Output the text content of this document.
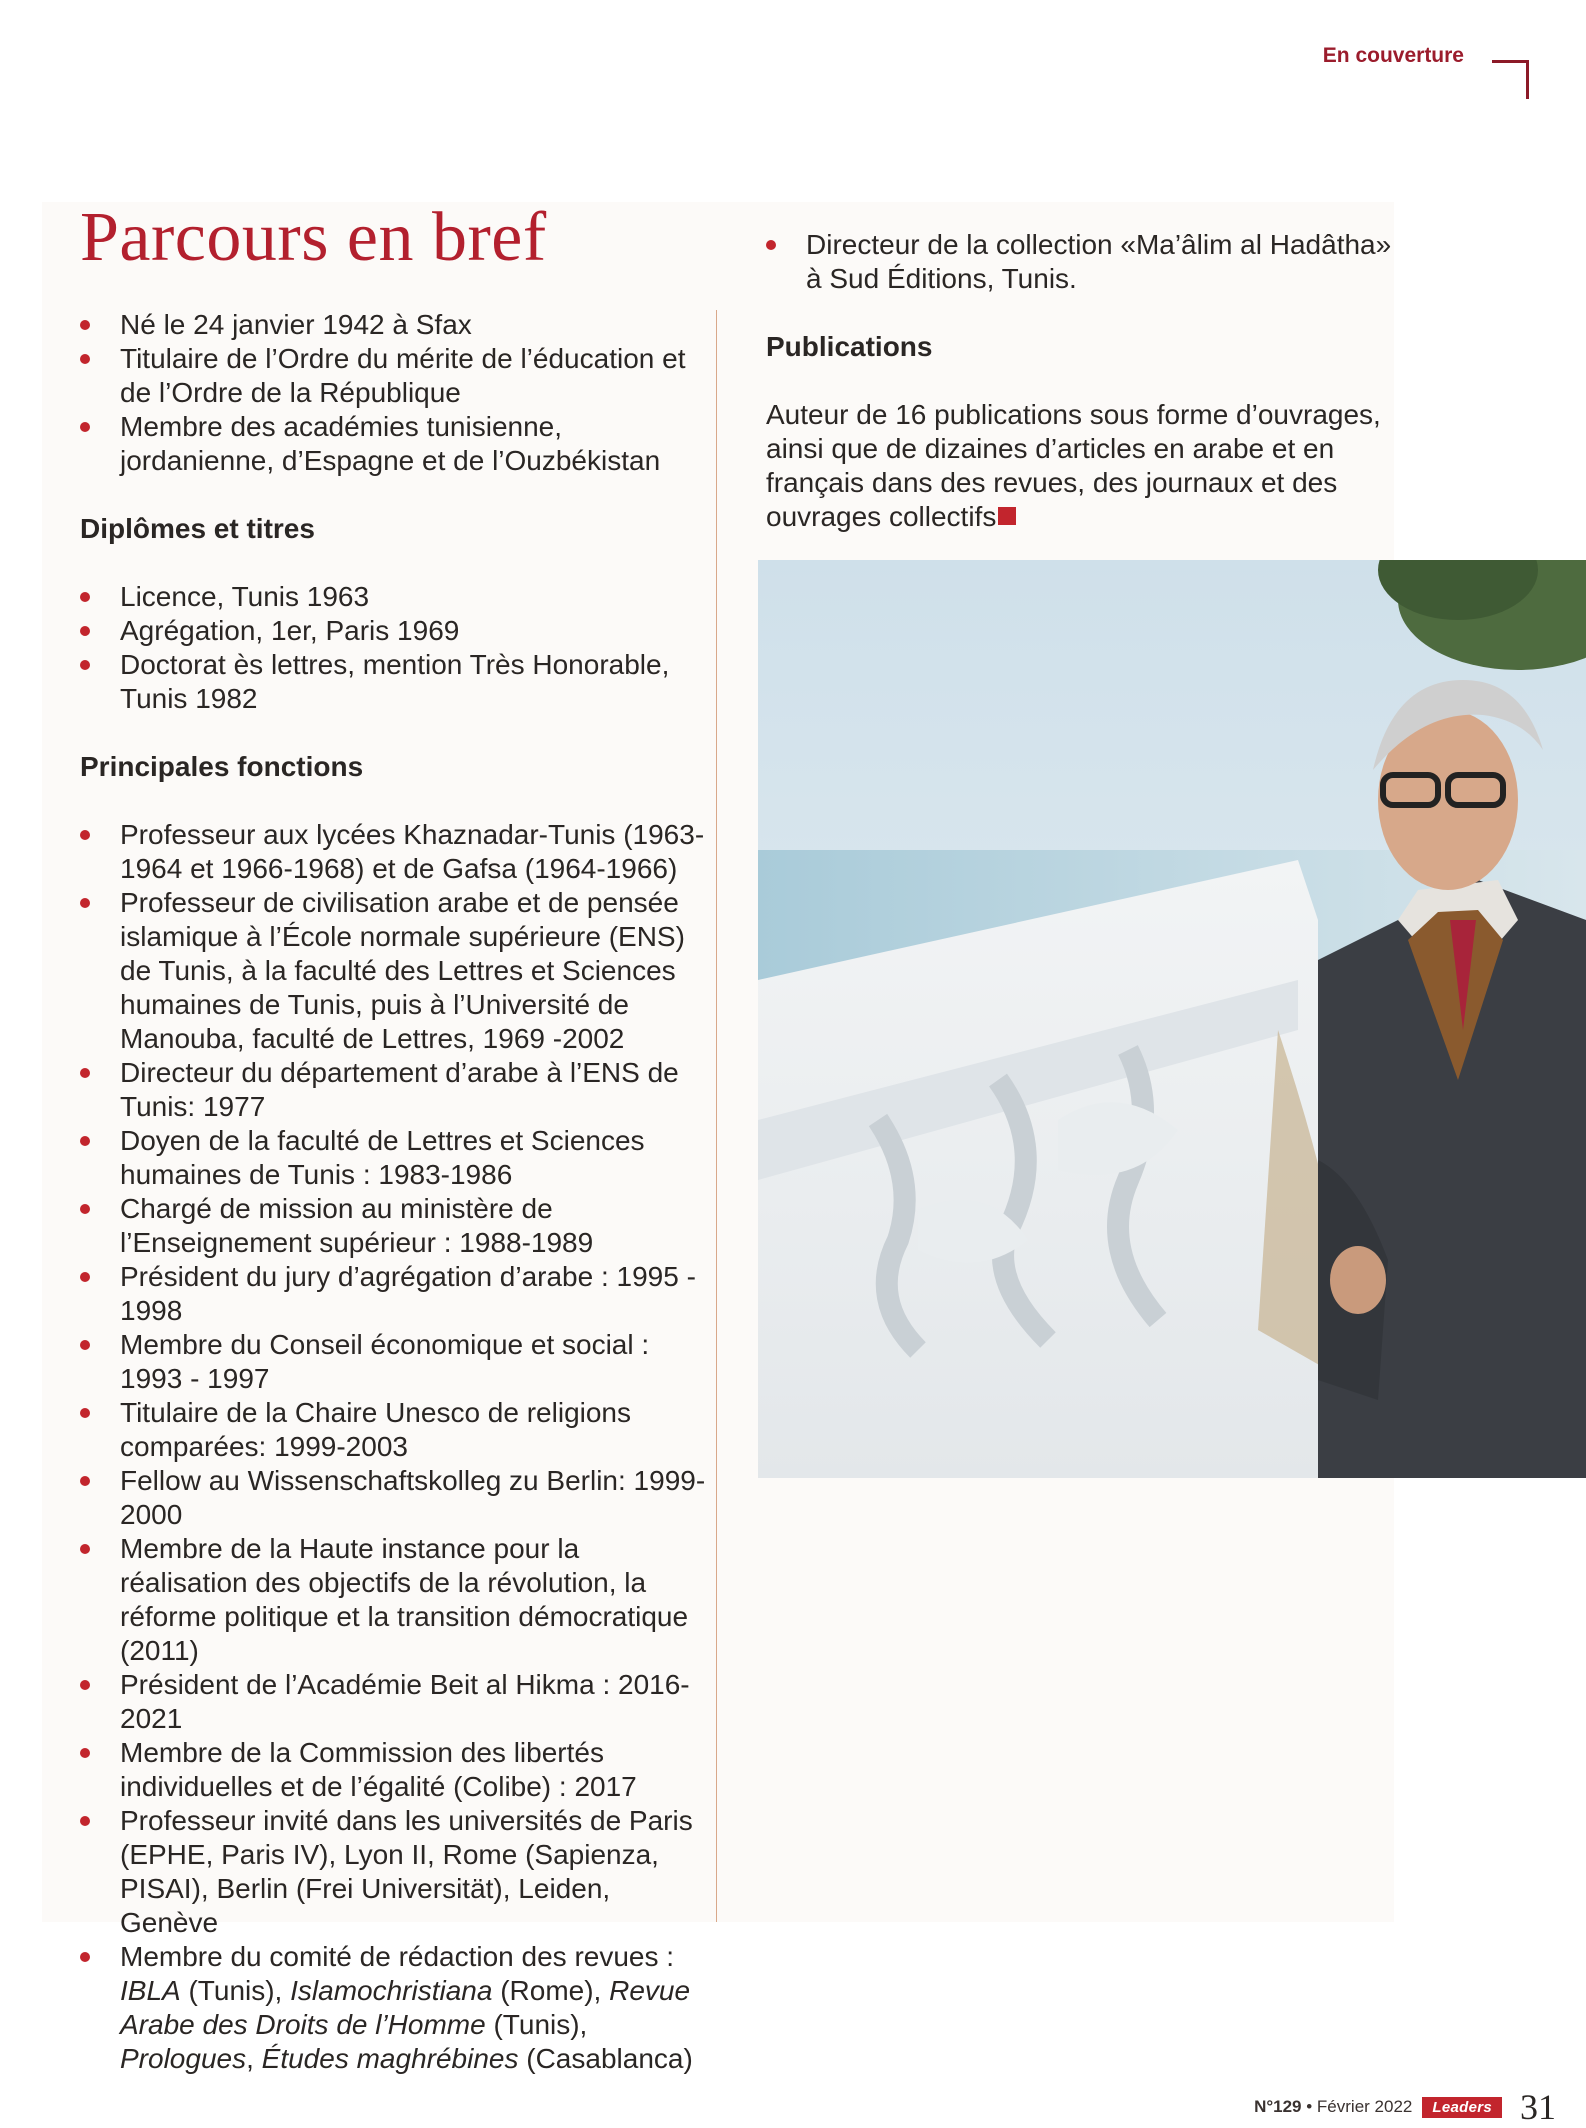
En couverture
Parcours en bref
Né le 24 janvier 1942 à Sfax
Titulaire de l’Ordre du mérite de l’éducation et de l’Ordre de la République
Membre des académies tunisienne, jordanienne, d’Espagne et de l’Ouzbékistan
Diplômes et titres
Licence, Tunis 1963
Agrégation, 1er, Paris 1969
Doctorat ès lettres, mention Très Honorable, Tunis 1982
Principales fonctions
Professeur aux lycées Khaznadar-Tunis (1963-1964 et 1966-1968) et de Gafsa (1964-1966)
Professeur de civilisation arabe et de pensée islamique à l’École normale supérieure (ENS) de Tunis, à la faculté des Lettres et Sciences humaines de Tunis, puis à l’Université de Manouba, faculté de Lettres, 1969 -2002
Directeur du département d’arabe à l’ENS de Tunis: 1977
Doyen de la faculté de Lettres et Sciences humaines de Tunis : 1983-1986
Chargé de mission au ministère de l’Enseignement supérieur : 1988-1989
Président du jury d’agrégation d’arabe : 1995 - 1998
Membre du Conseil économique et social : 1993 - 1997
Titulaire de la Chaire Unesco de religions comparées: 1999-2003
Fellow au Wissenschaftskolleg zu Berlin: 1999-2000
Membre de la Haute instance pour la réalisation des objectifs de la révolution, la réforme politique et la transition démocratique (2011)
Président de l’Académie Beit al Hikma : 2016-2021
Membre de la Commission des libertés individuelles et de l’égalité (Colibe) : 2017
Professeur invité dans les universités de Paris (EPHE, Paris IV), Lyon II, Rome (Sapienza, PISAI), Berlin (Frei Universität), Leiden, Genève
Membre du comité de rédaction des revues : IBLA (Tunis), Islamochristiana (Rome), Revue Arabe des Droits de l’Homme (Tunis), Prologues, Études maghrébines (Casablanca)
Directeur de la collection «Ma’âlim al Hadâtha» à Sud Éditions, Tunis.
Publications

Auteur de 16 publications sous forme d’ouvrages, ainsi que de dizaines d’articles en arabe et en français dans des revues, des journaux et des ouvrages collectifs

N°129 • Février 2022	Leaders 31
